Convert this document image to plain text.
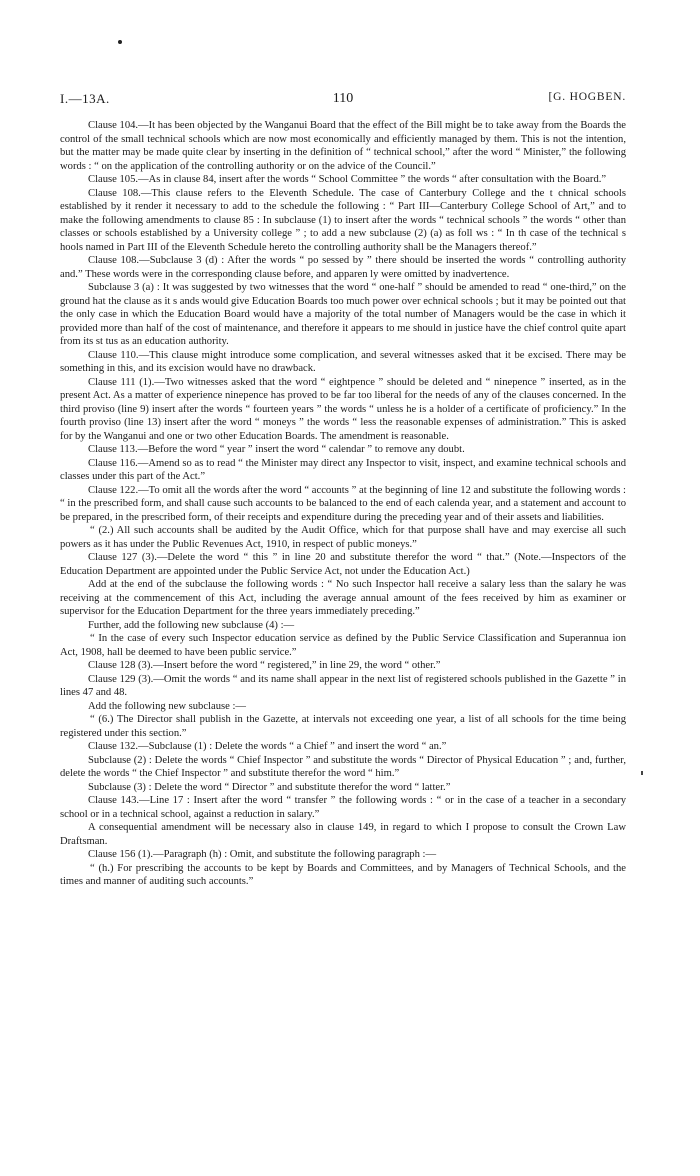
I.—13A.	110	[G. HOGBEN.

Clause 104.—It has been objected by the Wanganui Board that the effect of the Bill might be to take away from the Boards the control of the small technical schools which are now most economically and efficiently managed by them. This is not the intention, but the matter may be made quite clear by inserting in the definition of “ technical school,” after the word “ Minister,” the following words : “ on the application of the controlling authority or on the advice of the Council.”

Clause 105.—As in clause 84, insert after the words “ School Committee ” the words “ after consultation with the Board.”

Clause 108.—This clause refers to the Eleventh Schedule. The case of Canterbury College and the t chnical schools established by it render it necessary to add to the schedule the following : “ Part III—Canterbury College School of Art,” and to make the following amendments to clause 85 : In subclause (1) to insert after the words “ technical schools ” the words “ other than classes or schools established by a University college ” ; to add a new subclause (2) (a) as foll ws : “ In th case of the technical s hools named in Part III of the Eleventh Schedule hereto the controlling authority shall be the Managers thereof.”

Clause 108.—Subclause 3 (d) : After the words “ po sessed by ” there should be inserted the words “ controlling authority and.” These words were in the corresponding clause before, and apparen ly were omitted by inadvertence.

Subclause 3 (a) : It was suggested by two witnesses that the word “ one-half ” should be amended to read “ one-third,” on the ground hat the clause as it s ands would give Education Boards too much power over echnical schools ; but it may be pointed out that the only case in which the Education Board would have a majority of the total number of Managers would be the case in which it provided more than half of the cost of maintenance, and therefore it appears to me should in justice have the chief control quite apart from its st tus as an education authority.

Clause 110.—This clause might introduce some complication, and several witnesses asked that it be excised. There may be something in this, and its excision would have no drawback.

Clause 111 (1).—Two witnesses asked that the word “ eightpence ” should be deleted and “ ninepence ” inserted, as in the present Act. As a matter of experience ninepence has proved to be far too liberal for the needs of any of the clauses concerned. In the third proviso (line 9) insert after the words “ fourteen years ” the words “ unless he is a holder of a certificate of proficiency.” In the fourth proviso (line 13) insert after the word “ moneys ” the words “ less the reasonable expenses of administration.” This is asked for by the Wanganui and one or two other Education Boards. The amendment is reasonable.

Clause 113.—Before the word “ year ” insert the word “ calendar ” to remove any doubt.

Clause 116.—Amend so as to read “ the Minister may direct any Inspector to visit, inspect, and examine technical schools and classes under this part of the Act.”

Clause 122.—To omit all the words after the word “ accounts ” at the beginning of line 12 and substitute the following words : “ in the prescribed form, and shall cause such accounts to be balanced to the end of each calenda year, and a statement and account to be prepared, in the prescribed form, of their receipts and expenditure during the preceding year and of their assets and liabilities.

“ (2.) All such accounts shall be audited by the Audit Office, which for that purpose shall have and may exercise all such powers as it has under the Public Revenues Act, 1910, in respect of public moneys.”

Clause 127 (3).—Delete the word “ this ” in line 20 and substitute therefor the word “ that.” (Note.—Inspectors of the Education Department are appointed under the Public Service Act, not under the Education Act.)

Add at the end of the subclause the following words : “ No such Inspector hall receive a salary less than the salary he was receiving at the commencement of this Act, including the average annual amount of the fees received by him as examiner or supervisor for the Education Department for the three years immediately preceding.”

Further, add the following new subclause (4) :—

“ In the case of every such Inspector education service as defined by the Public Service Classification and Superannua ion Act, 1908, hall be deemed to have been public service.”

Clause 128 (3).—Insert before the word “ registered,” in line 29, the word “ other.”

Clause 129 (3).—Omit the words “ and its name shall appear in the next list of registered schools published in the Gazette ” in lines 47 and 48.

Add the following new subclause :—

“ (6.) The Director shall publish in the Gazette, at intervals not exceeding one year, a list of all schools for the time being registered under this section.”

Clause 132.—Subclause (1) : Delete the words “ a Chief ” and insert the word “ an.”

Subclause (2) : Delete the words “ Chief Inspector ” and substitute the words “ Director of Physical Education ” ; and, further, delete the words “ the Chief Inspector ” and substitute therefor the word “ him.”

Subclause (3) : Delete the word “ Director ” and substitute therefor the word “ latter.”

Clause 143.—Line 17 : Insert after the word “ transfer ” the following words : “ or in the case of a teacher in a secondary school or in a technical school, against a reduction in salary.”

A consequential amendment will be necessary also in clause 149, in regard to which I propose to consult the Crown Law Draftsman.

Clause 156 (1).—Paragraph (h) : Omit, and substitute the following paragraph :—

“ (h.) For prescribing the accounts to be kept by Boards and Committees, and by Managers of Technical Schools, and the times and manner of auditing such accounts.”
